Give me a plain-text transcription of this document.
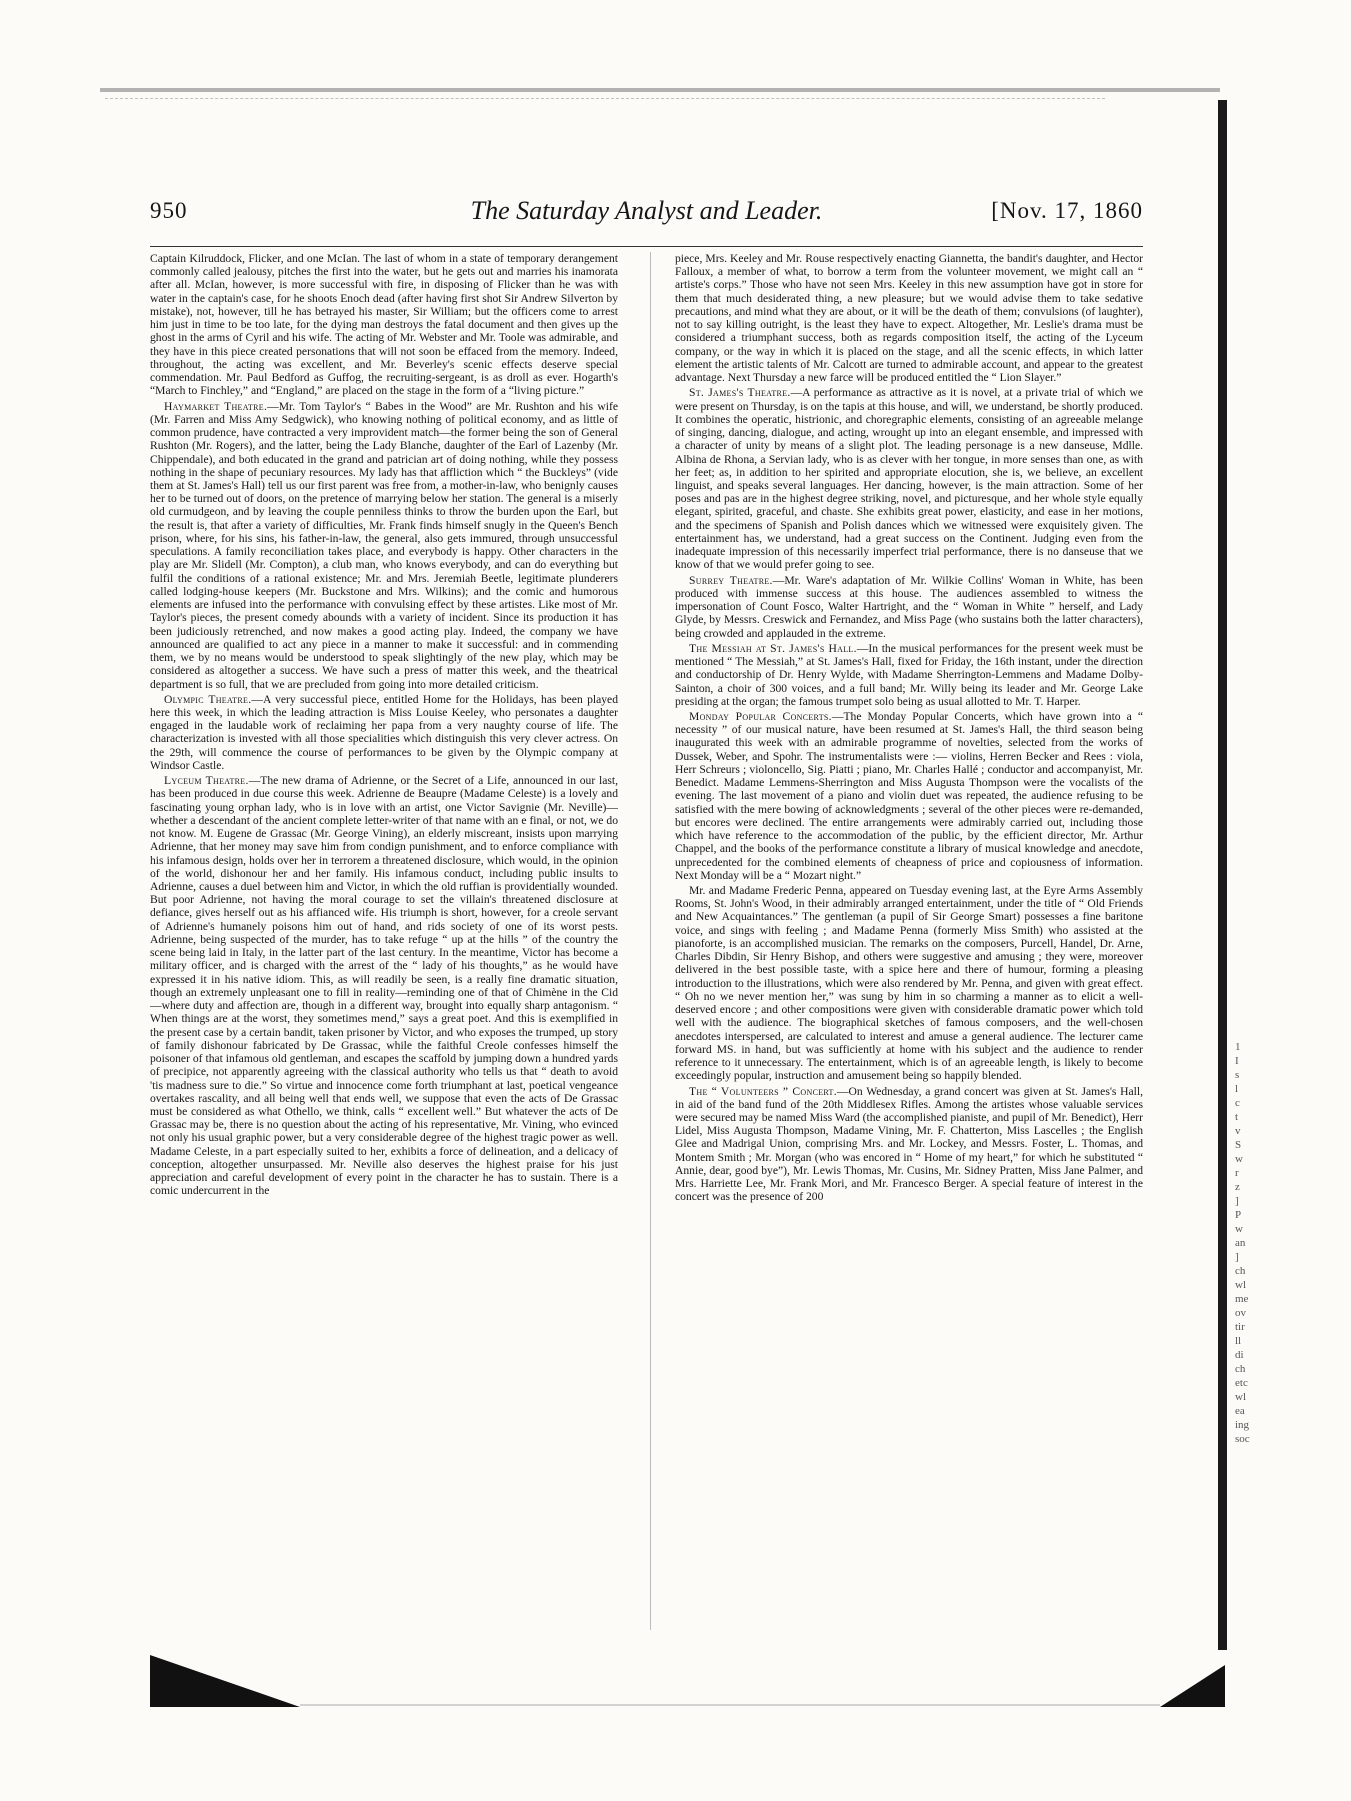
950	The Saturday Analyst and Leader.	[Nov. 17, 1860

Captain Kilruddock, Flicker, and one McIan. The last of whom in a state of temporary derangement commonly called jealousy, pitches the first into the water, but he gets out and marries his inamorata after all. McIan, however, is more successful with fire, in disposing of Flicker than he was with water in the captain's case, for he shoots Enoch dead (after having first shot Sir Andrew Silverton by mistake), not, however, till he has betrayed his master, Sir William; but the officers come to arrest him just in time to be too late, for the dying man destroys the fatal document and then gives up the ghost in the arms of Cyril and his wife. The acting of Mr. Webster and Mr. Toole was admirable, and they have in this piece created personations that will not soon be effaced from the memory. Indeed, throughout, the acting was excellent, and Mr. Beverley's scenic effects deserve special commendation. Mr. Paul Bedford as Guffog, the recruiting-sergeant, is as droll as ever. Hogarth's “March to Finchley,” and “England,” are placed on the stage in the form of a “living picture.”

Haymarket Theatre.—Mr. Tom Taylor's “ Babes in the Wood” are Mr. Rushton and his wife (Mr. Farren and Miss Amy Sedgwick), who knowing nothing of political economy, and as little of common prudence, have contracted a very improvident match—the former being the son of General Rushton (Mr. Rogers), and the latter, being the Lady Blanche, daughter of the Earl of Lazenby (Mr. Chippendale), and both educated in the grand and patrician art of doing nothing, while they possess nothing in the shape of pecuniary resources. My lady has that affliction which “ the Buckleys” (vide them at St. James's Hall) tell us our first parent was free from, a mother-in-law, who benignly causes her to be turned out of doors, on the pretence of marrying below her station. The general is a miserly old curmudgeon, and by leaving the couple penniless thinks to throw the burden upon the Earl, but the result is, that after a variety of difficulties, Mr. Frank finds himself snugly in the Queen's Bench prison, where, for his sins, his father-in-law, the general, also gets immured, through unsuccessful speculations. A family reconciliation takes place, and everybody is happy. Other characters in the play are Mr. Slidell (Mr. Compton), a club man, who knows everybody, and can do everything but fulfil the conditions of a rational existence; Mr. and Mrs. Jeremiah Beetle, legitimate plunderers called lodging-house keepers (Mr. Buckstone and Mrs. Wilkins); and the comic and humorous elements are infused into the performance with convulsing effect by these artistes. Like most of Mr. Taylor's pieces, the present comedy abounds with a variety of incident. Since its production it has been judiciously retrenched, and now makes a good acting play. Indeed, the company we have announced are qualified to act any piece in a manner to make it successful: and in commending them, we by no means would be understood to speak slightingly of the new play, which may be considered as altogether a success. We have such a press of matter this week, and the theatrical department is so full, that we are precluded from going into more detailed criticism.

Olympic Theatre.—A very successful piece, entitled Home for the Holidays, has been played here this week, in which the leading attraction is Miss Louise Keeley, who personates a daughter engaged in the laudable work of reclaiming her papa from a very naughty course of life. The characterization is invested with all those specialities which distinguish this very clever actress. On the 29th, will commence the course of performances to be given by the Olympic company at Windsor Castle.

Lyceum Theatre.—The new drama of Adrienne, or the Secret of a Life, announced in our last, has been produced in due course this week. Adrienne de Beaupre (Madame Celeste) is a lovely and fascinating young orphan lady, who is in love with an artist, one Victor Savignie (Mr. Neville)—whether a descendant of the ancient complete letter-writer of that name with an e final, or not, we do not know. M. Eugene de Grassac (Mr. George Vining), an elderly miscreant, insists upon marrying Adrienne, that her money may save him from condign punishment, and to enforce compliance with his infamous design, holds over her in terrorem a threatened disclosure, which would, in the opinion of the world, dishonour her and her family. His infamous conduct, including public insults to Adrienne, causes a duel between him and Victor, in which the old ruffian is providentially wounded. But poor Adrienne, not having the moral courage to set the villain's threatened disclosure at defiance, gives herself out as his affianced wife. His triumph is short, however, for a creole servant of Adrienne's humanely poisons him out of hand, and rids society of one of its worst pests. Adrienne, being suspected of the murder, has to take refuge “ up at the hills ” of the country the scene being laid in Italy, in the latter part of the last century. In the meantime, Victor has become a military officer, and is charged with the arrest of the “ lady of his thoughts,” as he would have expressed it in his native idiom. This, as will readily be seen, is a really fine dramatic situation, though an extremely unpleasant one to fill in reality—reminding one of that of Chimène in the Cid—where duty and affection are, though in a different way, brought into equally sharp antagonism. “ When things are at the worst, they sometimes mend,” says a great poet. And this is exemplified in the present case by a certain bandit, taken prisoner by Victor, and who exposes the trumped, up story of family dishonour fabricated by De Grassac, while the faithful Creole confesses himself the poisoner of that infamous old gentleman, and escapes the scaffold by jumping down a hundred yards of precipice, not apparently agreeing with the classical authority who tells us that “ death to avoid 'tis madness sure to die.” So virtue and innocence come forth triumphant at last, poetical vengeance overtakes rascality, and all being well that ends well, we suppose that even the acts of De Grassac must be considered as what Othello, we think, calls “ excellent well.” But whatever the acts of De Grassac may be, there is no question about the acting of his representative, Mr. Vining, who evinced not only his usual graphic power, but a very considerable degree of the highest tragic power as well. Madame Celeste, in a part especially suited to her, exhibits a force of delineation, and a delicacy of conception, altogether unsurpassed. Mr. Neville also deserves the highest praise for his just appreciation and careful development of every point in the character he has to sustain. There is a comic undercurrent in the

piece, Mrs. Keeley and Mr. Rouse respectively enacting Giannetta, the bandit's daughter, and Hector Falloux, a member of what, to borrow a term from the volunteer movement, we might call an “ artiste's corps.” Those who have not seen Mrs. Keeley in this new assumption have got in store for them that much desiderated thing, a new pleasure; but we would advise them to take sedative precautions, and mind what they are about, or it will be the death of them; convulsions (of laughter), not to say killing outright, is the least they have to expect. Altogether, Mr. Leslie's drama must be considered a triumphant success, both as regards composition itself, the acting of the Lyceum company, or the way in which it is placed on the stage, and all the scenic effects, in which latter element the artistic talents of Mr. Calcott are turned to admirable account, and appear to the greatest advantage. Next Thursday a new farce will be produced entitled the “ Lion Slayer.”

St. James's Theatre.—A performance as attractive as it is novel, at a private trial of which we were present on Thursday, is on the tapis at this house, and will, we understand, be shortly produced. It combines the operatic, histrionic, and choregraphic elements, consisting of an agreeable melange of singing, dancing, dialogue, and acting, wrought up into an elegant ensemble, and impressed with a character of unity by means of a slight plot. The leading personage is a new danseuse, Mdlle. Albina de Rhona, a Servian lady, who is as clever with her tongue, in more senses than one, as with her feet; as, in addition to her spirited and appropriate elocution, she is, we believe, an excellent linguist, and speaks several languages. Her dancing, however, is the main attraction. Some of her poses and pas are in the highest degree striking, novel, and picturesque, and her whole style equally elegant, spirited, graceful, and chaste. She exhibits great power, elasticity, and ease in her motions, and the specimens of Spanish and Polish dances which we witnessed were exquisitely given. The entertainment has, we understand, had a great success on the Continent. Judging even from the inadequate impression of this necessarily imperfect trial performance, there is no danseuse that we know of that we would prefer going to see.

Surrey Theatre.—Mr. Ware's adaptation of Mr. Wilkie Collins' Woman in White, has been produced with immense success at this house. The audiences assembled to witness the impersonation of Count Fosco, Walter Hartright, and the “ Woman in White ” herself, and Lady Glyde, by Messrs. Creswick and Fernandez, and Miss Page (who sustains both the latter characters), being crowded and applauded in the extreme.

The Messiah at St. James's Hall.—In the musical performances for the present week must be mentioned “ The Messiah,” at St. James's Hall, fixed for Friday, the 16th instant, under the direction and conductorship of Dr. Henry Wylde, with Madame Sherrington-Lemmens and Madame Dolby-Sainton, a choir of 300 voices, and a full band; Mr. Willy being its leader and Mr. George Lake presiding at the organ; the famous trumpet solo being as usual allotted to Mr. T. Harper.

Monday Popular Concerts.—The Monday Popular Concerts, which have grown into a “ necessity ” of our musical nature, have been resumed at St. James's Hall, the third season being inaugurated this week with an admirable programme of novelties, selected from the works of Dussek, Weber, and Spohr. The instrumentalists were :— violins, Herren Becker and Rees : viola, Herr Schreurs ; violoncello, Sig. Piatti ; piano, Mr. Charles Hallé ; conductor and accompanyist, Mr. Benedict. Madame Lemmens-Sherrington and Miss Augusta Thompson were the vocalists of the evening. The last movement of a piano and violin duet was repeated, the audience refusing to be satisfied with the mere bowing of acknowledgments ; several of the other pieces were re-demanded, but encores were declined. The entire arrangements were admirably carried out, including those which have reference to the accommodation of the public, by the efficient director, Mr. Arthur Chappel, and the books of the performance constitute a library of musical knowledge and anecdote, unprecedented for the combined elements of cheapness of price and copiousness of information. Next Monday will be a “ Mozart night.”

Mr. and Madame Frederic Penna, appeared on Tuesday evening last, at the Eyre Arms Assembly Rooms, St. John's Wood, in their admirably arranged entertainment, under the title of “ Old Friends and New Acquaintances.” The gentleman (a pupil of Sir George Smart) possesses a fine baritone voice, and sings with feeling ; and Madame Penna (formerly Miss Smith) who assisted at the pianoforte, is an accomplished musician. The remarks on the composers, Purcell, Handel, Dr. Arne, Charles Dibdin, Sir Henry Bishop, and others were suggestive and amusing ; they were, moreover delivered in the best possible taste, with a spice here and there of humour, forming a pleasing introduction to the illustrations, which were also rendered by Mr. Penna, and given with great effect. “ Oh no we never mention her,” was sung by him in so charming a manner as to elicit a well-deserved encore ; and other compositions were given with considerable dramatic power which told well with the audience. The biographical sketches of famous composers, and the well-chosen anecdotes interspersed, are calculated to interest and amuse a general audience. The lecturer came forward MS. in hand, but was sufficiently at home with his subject and the audience to render reference to it unnecessary. The entertainment, which is of an agreeable length, is likely to become exceedingly popular, instruction and amusement being so happily blended.

The “ Volunteers ” Concert.—On Wednesday, a grand concert was given at St. James's Hall, in aid of the band fund of the 20th Middlesex Rifles. Among the artistes whose valuable services were secured may be named Miss Ward (the accomplished pianiste, and pupil of Mr. Benedict), Herr Lidel, Miss Augusta Thompson, Madame Vining, Mr. F. Chatterton, Miss Lascelles ; the English Glee and Madrigal Union, comprising Mrs. and Mr. Lockey, and Messrs. Foster, L. Thomas, and Montem Smith ; Mr. Morgan (who was encored in “ Home of my heart,” for which he substituted “ Annie, dear, good bye”), Mr. Lewis Thomas, Mr. Cusins, Mr. Sidney Pratten, Miss Jane Palmer, and Mrs. Harriette Lee, Mr. Frank Mori, and Mr. Francesco Berger. A special feature of interest in the concert was the presence of 200

1
I
s
l
c
t
v
S
w
r
z
]
P
w
an
]
ch
wl
me
ov
tir
ll
di
ch
etc
wl
ea
ing
soc
